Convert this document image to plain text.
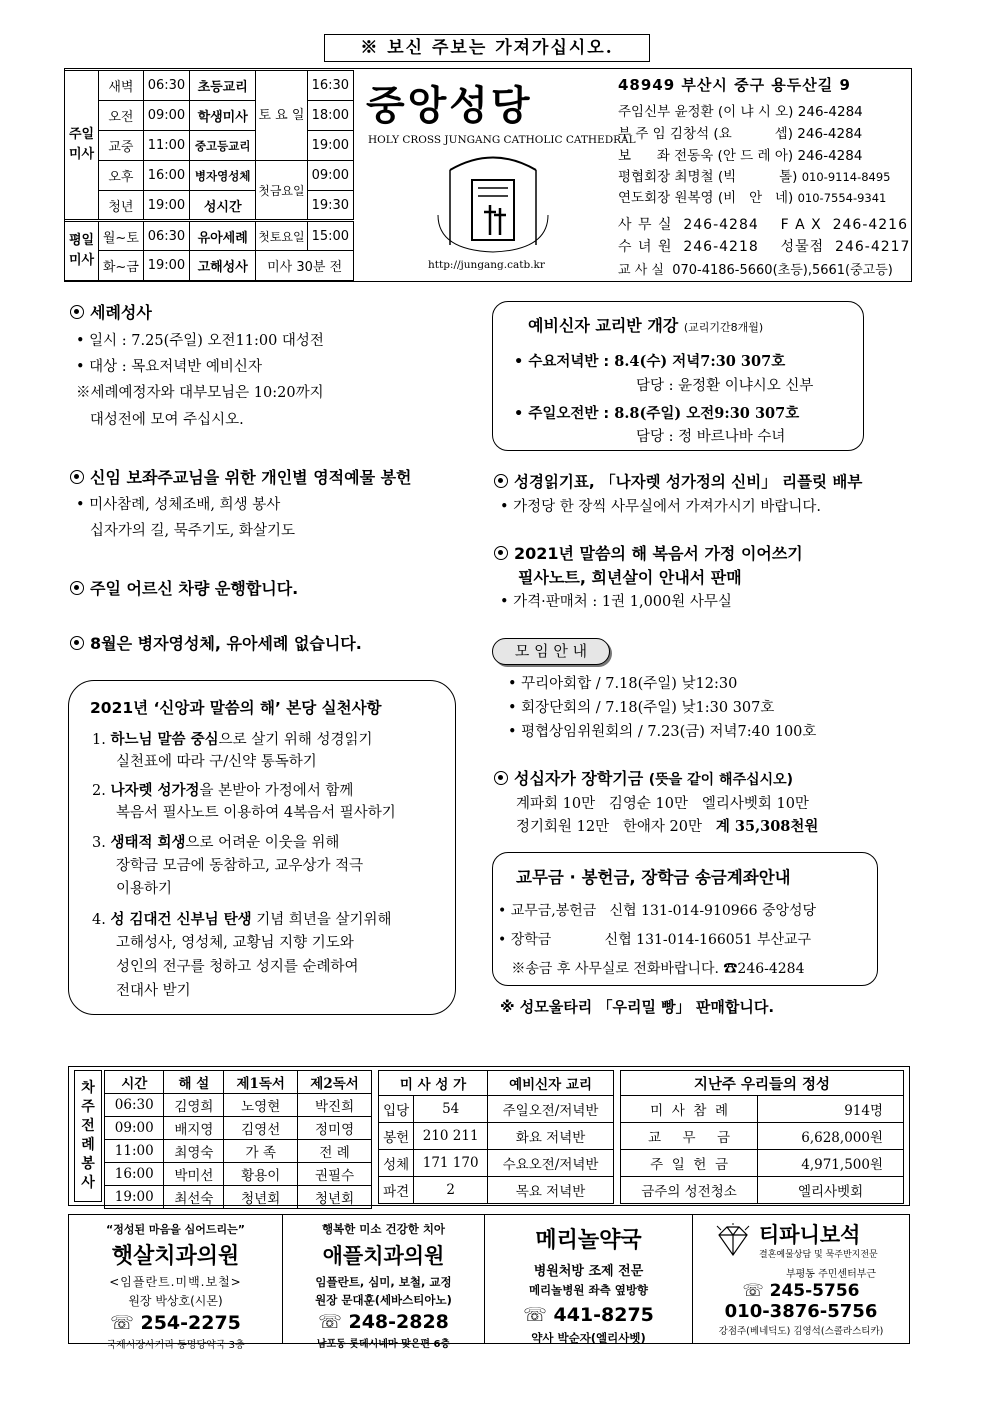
※ 보신 주보는 가져가십시오.
주일 미사	새벽	06:30	초등교리	토 요 일	16:30
	오전	09:00	학생미사		18:00
	교중	11:00	중고등교리		19:00
	오후	16:00	병자영성체	첫금요일	09:00
	청년	19:00	성시간		19:30
평일 미사	월~토	06:30	유아세례	첫토요일	15:00
	화~금	19:00	고해성사	미사 30분 전	
중앙성당
HOLY CROSS JUNGANG CATHOLIC CATHEDRAL
http://jungang.catb.kr
48949 부산시 중구 용두산길 9
주임신부 윤정환 (이 냐 시 오) 246-4284
부 주 임 김창석 (요          셉) 246-4284
보      좌 전동욱 (안 드 레 아) 246-4284
평협회장 최명철 (빅          톨) 010-9114-8495
연도회장 원복영 (비   안   네) 010-7554-9341
사 무 실  246-4284    F A X  246-4216
수 녀 원  246-4218    성물점  246-4217
교 사 실  070-4186-5660(초등),5661(중고등)
세례성사
• 일시 : 7.25(주일) 오전11:00 대성전
• 대상 : 목요저녁반 예비신자
※세례예정자와 대부모님은 10:20까지
대성전에 모여 주십시오.
신임 보좌주교님을 위한 개인별 영적예물 봉헌
• 미사참례, 성체조배, 희생 봉사
십자가의 길, 묵주기도, 화살기도
주일 어르신 차량 운행합니다.
8월은 병자영성체, 유아세례 없습니다.
2021년 ‘신앙과 말씀의 해’ 본당 실천사항
1. 하느님 말씀 중심으로 살기 위해 성경읽기
실천표에 따라 구/신약 통독하기
2. 나자렛 성가정을 본받아 가정에서 함께
복음서 필사노트 이용하여 4복음서 필사하기
3. 생태적 희생으로 어려운 이웃을 위해
장학금 모금에 동참하고, 교우상가 적극
이용하기
4. 성 김대건 신부님 탄생 기념 희년을 살기위해
고해성사, 영성체, 교황님 지향 기도와
성인의 전구를 청하고 성지를 순례하여
전대사 받기
예비신자 교리반 개강 (교리기간8개월)
• 수요저녁반 : 8.4(수) 저녁7:30 307호
담당 : 윤정환 이냐시오 신부
• 주일오전반 : 8.8(주일) 오전9:30 307호
담당 : 정 바르나바 수녀
성경읽기표, 「나자렛 성가정의 신비」 리플릿 배부
• 가정당 한 장씩 사무실에서 가져가시기 바랍니다.
2021년 말씀의 해 복음서 가정 이어쓰기
필사노트, 희년살이 안내서 판매
• 가격·판매처 : 1권 1,000원 사무실
모 임 안 내
• 꾸리아회합 / 7.18(주일) 낮12:30
• 회장단회의 / 7.18(주일) 낮1:30 307호
• 평협상임위원회의 / 7.23(금) 저녁7:40 100호
성십자가 장학기금 (뜻을 같이 해주십시오)
계파회 10만   김영순 10만   엘리사벳회 10만
정기회원 12만   한애자 20만   계 35,308천원
교무금 · 봉헌금, 장학금 송금계좌안내
• 교무금,봉헌금   신협 131-014-910966 중앙성당
• 장학금            신협 131-014-166051 부산교구
※송금 후 사무실로 전화바랍니다. ☎246-4284
※ 성모울타리 「우리밀 빵」 판매합니다.
차주전례봉사
시간	해 설	제1독서	제2독서
06:30	김영희	노영현	박진희
09:00	배지영	김영선	정미영
11:00	최영숙	가 족	전 례
16:00	박미선	황용이	권필수
19:00	최선숙	청년회	청년회
미 사 성 가		예비신자 교리
입당	54	주일오전/저녁반
봉헌	210 211	화요 저녁반
성체	171 170	수요오전/저녁반
파견	2	목요 저녁반
지난주 우리들의 정성	
미  사  참  례	914명
교     무     금	6,628,000원
주  일  헌  금	4,971,500원
금주의 성전청소	엘리사벳회
“정성된 마음을 심어드리는”
햇살치과의원
<임플란트.미백.보철>
원장 박상호(시몬)
☏ 254-2275
국제시장사거리 동명당약국 3층
행복한 미소 건강한 치아
애플치과의원
임플란트, 심미, 보철, 교정
원장 문대훈(세바스티아노)
☏ 248-2828
남포동 롯데시네마 맞은편 6층
메리놀약국
병원처방 조제 전문
메리놀병원 좌측 옆방향
☏ 441-8275
약사 박순자(엘리사벳)
티파니보석
결혼예물상담 및 묵주반지전문
부평동 주민센터부근
☏ 245-5756
010-3876-5756
강점주(베네딕도) 김영석(스콜라스티카)
